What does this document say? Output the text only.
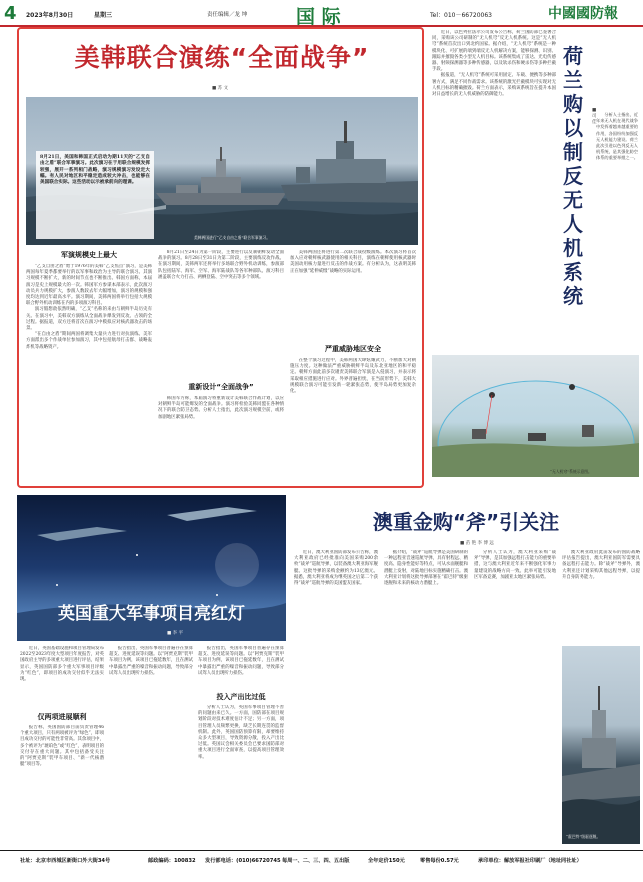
4 2023年8月30日	星期三	责任编辑／龙 坤	国 际	Tel：010－66720063	中國國防報
美韩联合演练“全面战争”
■ 苏 文
8月21日，美国和韩国正式启动为期11天的“乙支自由之盾”联合军事演习。此次演习在于用联合规模发挥较强，展开一系列相门战略，演习规模演习发设定大幅。有人民对地区和平稳定造成较大冲击，也能够在美国联合实际。这些活动以示被承前向的理课。
美韩两国进行“乙支自由之盾”联合军事演习。
军演规模史上最大

“乙支自由之盾”始于1976年的美韩“乙支焦点”演习，是美韩两国每年夏季都要举行的以军事和政治为主导的联合演习。其演习规模不断扩大，新的时间节点也不断推出。韩国方面称，本届演习是史上规模最大的一次。韩国军方参谋本部表示，此次演习动员兵力规模扩大，参演人数较去年大幅增加，演习的规模和强度均达到近年最高水平。演习期间，美韩两国将举行包括大规模联合野外机动训练在内的多项演习科目。

演习假想敌依然明确，“乙支”名称的来由与朝鲜半岛历史有关。在演习中，美韩双方演练从全面战争爆发到反攻、占领的全过程。据报道，双方还将首次在演习中模拟应对核武器攻击的场景。

“在自由之盾”期间两国将调集大量兵力进行对抗演练。美军方面派出多个作战单位参加演习，其中包括航母打击群、战略轰炸机等战略资产。

8月21日至24日为第一阶段，主要进行以反制朝鲜发动全面战争的演习。8月28日至31日为第二阶段，主要演练反攻作战。在演习期间，美韩两军还将举行多场联合野外机动训练，参演部队包括陆军、海军、空军、海军陆战队等各军种部队。演习科目涵盖联合火力打击、两栖登陆、空中突击等多个领域。

重新设计“全面战争”

韩国军方称，本届演习将重新设计美韩联合作战计划，以应对朝鲜半岛可能爆发的全面战争。演习将检验美韩同盟在各种情况下的联合防卫态势。分析人士指出，此次演习规模空前，或将加剧地区紧张局势。

美韩两国还将进行第二次联合战役级演练。本次演习将首次加入应对朝鲜核武器使用的相关科目，演练在朝鲜使用核武器时美国动用核力量进行反击的作战方案。有分析认为，这表明美韩正在加强“延伸威慑”战略的实际运用。

严重威胁地区安全

在整个演习过程中，美韩两国大肆炫耀武力，不断加大对朝施压力度。这种做法严重威胁朝鲜半岛及东北亚地区的和平稳定。朝鲜方面此前多次谴责美韩联合军演是入侵演习，并表示将采取相应措施进行应对。外界普遍担忧，在当前形势下，美韩大规模联合演习可能引发新一轮紧张态势，使半岛局势更加复杂化。

近日，以色列拉法尔公司发布公告称，荷兰国防部已签署合同，采购该公司研制的“无人机穹”反无人机系统。这是“无人机穹”系统首次出口到北约国家。据介绍，“无人机穹”系统是一种模块化、可扩展的端到端反无人机解决方案，能够探测、识别、跟踪并摧毁各类小型无人机目标。该系统集成了雷达、光电传感器、射频探测器等多种传感器，以及软杀伤和硬杀伤等多种拦截手段。

据报道，“无人机穹”系统可采用固定、车载、便携等多种部署方式，满足不同作战需求。该系统的激光拦截模块可实现对无人机目标的精确摧毁。荷兰方面表示，采购该系统旨在提升本国对日益增长的无人机威胁的防御能力。

荷兰购以制反无人机系统
■ 司 佳

分析人士指出，近年来无人机在现代战争中发挥着越来越重要的作用，各国纷纷加强反无人机能力建设。荷兰此次引进以色列反无人机系统，是其强化防空体系的重要举措之一。

“无人机穹”系统示意图。
英国重大军事项目亮红灯
■ 李 平

近日，英国基础设施和项目管理局发布2022至2023年度大型项目年度报告，对英国政府主导的多项重大项目进行评估，结果显示，英国国防部多个重大军事项目评级为“红色”，即项目的成功交付似乎无法实现。

仅两项进展顺利

报告称，英国国防部目前负责管理46个重大项目，只有两项被评为“绿色”，即项目成功交付的可能性非常高。其余项目中，多个被评为“琥珀色”或“红色”，表明项目的交付存在重大问题。其中包括备受关注的“阿贾克斯”装甲车项目、“新一代核潜艇”项目等。

报告指出，英国军事项目普遍存在预算超支、进度延误等问题。以“阿贾克斯”装甲车项目为例，该项目已拖延数年，且在测试中暴露出严重的噪音和振动问题，导致部分试驾人员出现听力损伤。

报告指出，英国军事项目普遍存在预算超支、进度延误等问题。以“阿贾克斯”装甲车项目为例，该项目已拖延数年，且在测试中暴露出严重的噪音和振动问题，导致部分试驾人员出现听力损伤。

投入产出比过低

分析人士认为，英国军事项目管理不善的问题由来已久。一方面，国防部在项目规划阶段对技术难度估计不足；另一方面，项目管理人员频繁更换，缺乏长期连贯的监督机制。此外，英国国防预算有限，却要维持众多大型项目，导致资源分散，投入产出比过低。英国议会相关委员会已要求国防部对重大项目进行全面审查，以提高项目管理效率。

澳重金购“斧”引关注
■ 苗 艳 李 博 远

近日，澳大利亚国防部发布公告称，澳大利亚政府已经批准向美国采购200余枚“战斧”巡航导弹，以装备澳大利亚海军舰艇。这批导弹的采购金额约为13亿澳元。据悉，澳大利亚将成为继英国之后第二个获得“战斧”巡航导弹的美国盟友国家。

据介绍，“战斧”巡航导弹是美国研制的一种远程亚音速巡航导弹，具有射程远、精度高、隐身性能好等特点，可从水面舰艇和潜艇上发射，对陆地目标实施精确打击。澳大利亚计划将这批导弹部署在“霍巴特”级驱逐舰和未来的核动力潜艇上。

分析人士认为，澳大利亚采购“战斧”导弹，是其加强远程打击能力的重要举措，这与澳大利亚近年来不断强化军事力量建设的战略方向一致。此举可能引发地区军备竞赛，加剧亚太地区紧张局势。

澳大利亚政府此前发布的国防战略评估报告提出，澳大利亚国防军需要具备远程打击能力。除“战斧”导弹外，澳大利亚还计划采购其他远程导弹，以提升自身防务能力。

“霍巴特”级驱逐舰。
社址：北京市西城区新街口外大街34号	邮政编码：100832 发行部电话：(010)66720745 每周一、二、三、四、五出版	全年定价150元	零售每份0.57元	承印单位：解放军报社印刷厂（地址同社址）
